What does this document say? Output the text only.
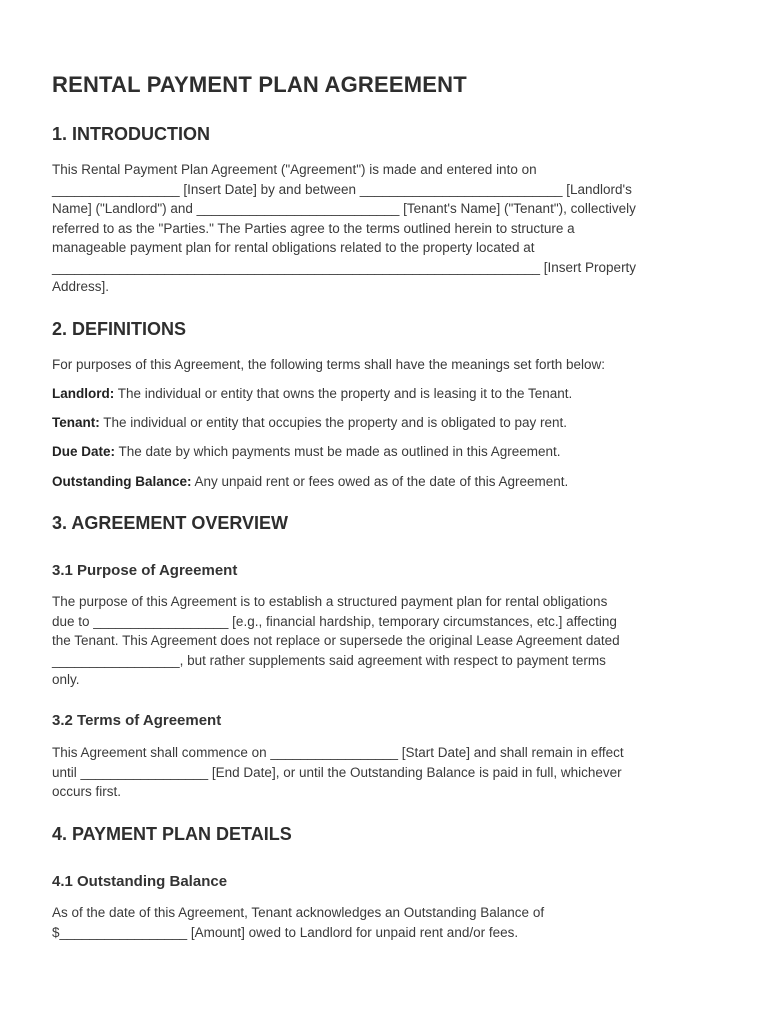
RENTAL PAYMENT PLAN AGREEMENT
1. INTRODUCTION
This Rental Payment Plan Agreement ("Agreement") is made and entered into on
_________________ [Insert Date] by and between ___________________________ [Landlord's
Name] ("Landlord") and ___________________________ [Tenant's Name] ("Tenant"), collectively
referred to as the "Parties." The Parties agree to the terms outlined herein to structure a
manageable payment plan for rental obligations related to the property located at
_________________________________________________________________ [Insert Property
Address].
2. DEFINITIONS
For purposes of this Agreement, the following terms shall have the meanings set forth below:
Landlord: The individual or entity that owns the property and is leasing it to the Tenant.
Tenant: The individual or entity that occupies the property and is obligated to pay rent.
Due Date: The date by which payments must be made as outlined in this Agreement.
Outstanding Balance: Any unpaid rent or fees owed as of the date of this Agreement.
3. AGREEMENT OVERVIEW
3.1 Purpose of Agreement
The purpose of this Agreement is to establish a structured payment plan for rental obligations
due to __________________ [e.g., financial hardship, temporary circumstances, etc.] affecting
the Tenant. This Agreement does not replace or supersede the original Lease Agreement dated
_________________, but rather supplements said agreement with respect to payment terms
only.
3.2 Terms of Agreement
This Agreement shall commence on _________________ [Start Date] and shall remain in effect
until _________________ [End Date], or until the Outstanding Balance is paid in full, whichever
occurs first.
4. PAYMENT PLAN DETAILS
4.1 Outstanding Balance
As of the date of this Agreement, Tenant acknowledges an Outstanding Balance of
$_________________ [Amount] owed to Landlord for unpaid rent and/or fees.
